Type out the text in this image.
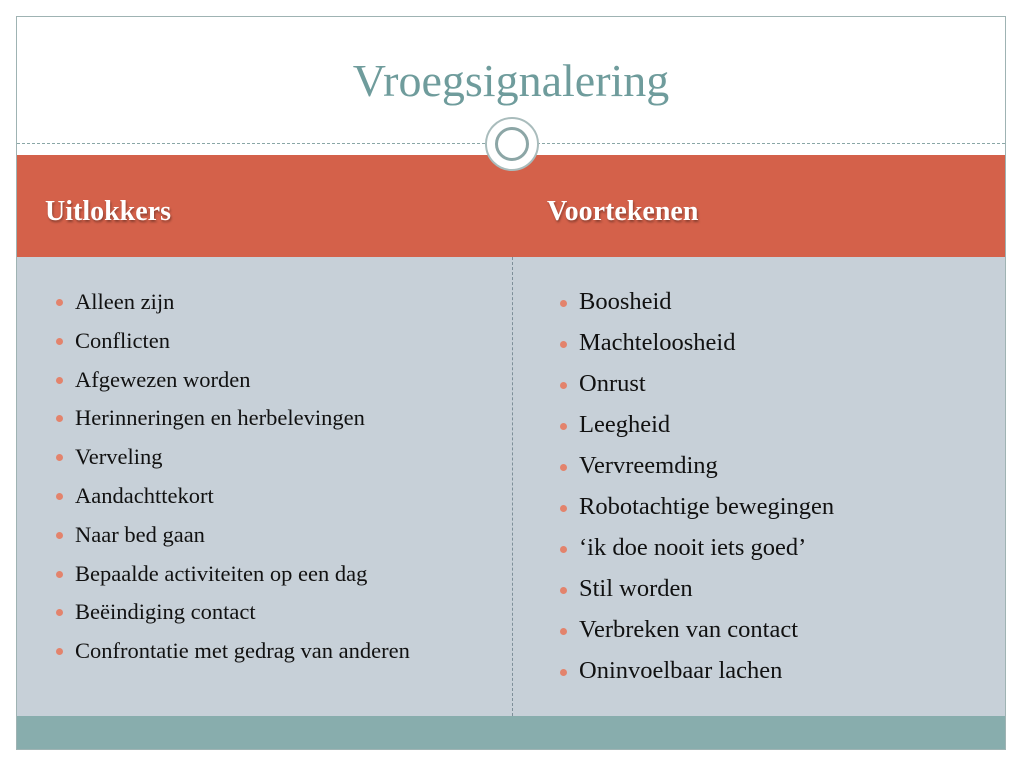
Vroegsignalering
Uitlokkers	Voortekenen
Alleen zijn
Conflicten
Afgewezen worden
Herinneringen en herbelevingen
Verveling
Aandachttekort
Naar bed gaan
Bepaalde activiteiten op een dag
Beëindiging contact
Confrontatie met gedrag van anderen
Boosheid
Machteloosheid
Onrust
Leegheid
Vervreemding
Robotachtige bewegingen
‘ik doe nooit iets goed’
Stil worden
Verbreken van contact
Oninvoelbaar lachen
